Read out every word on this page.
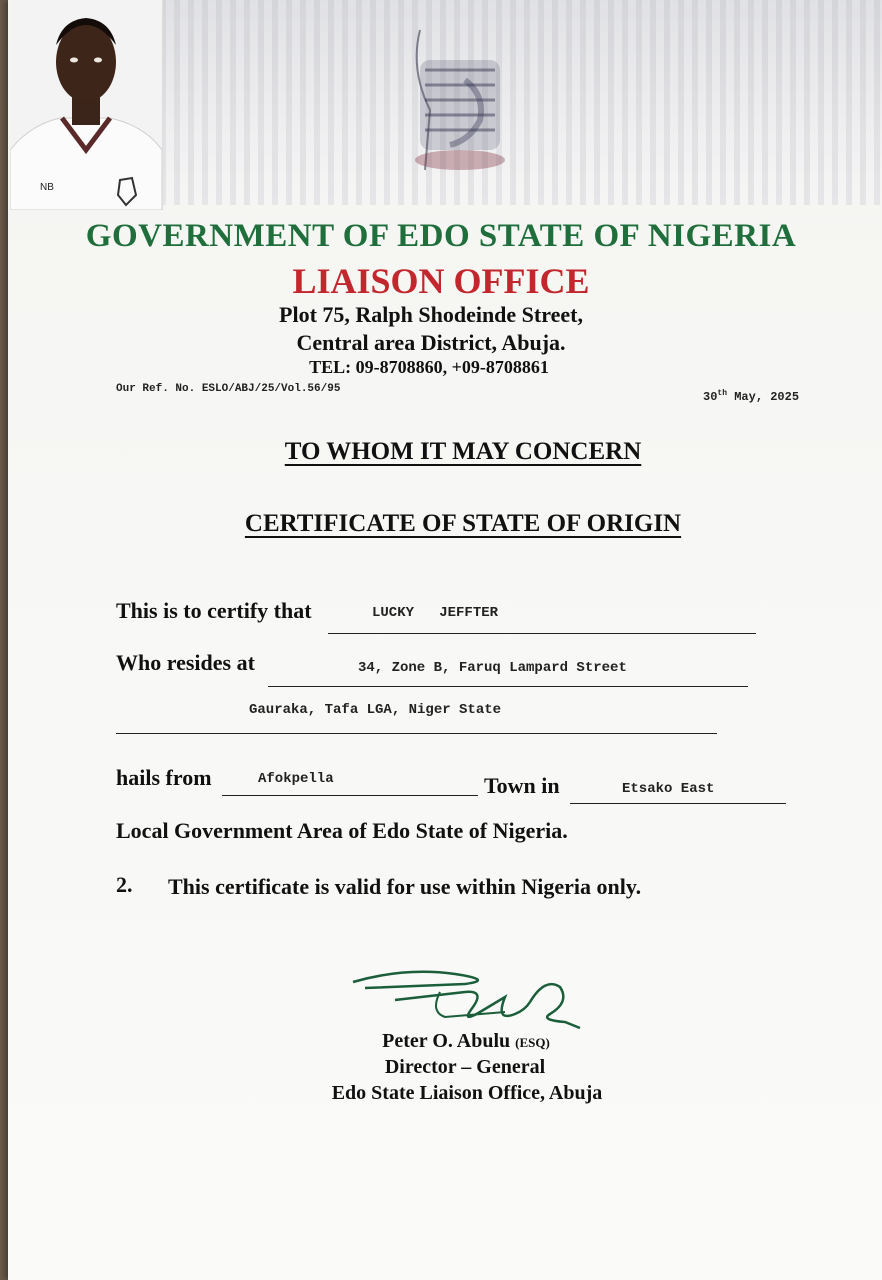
NB
GOVERNMENT OF EDO STATE OF NIGERIA
LIAISON OFFICE
Plot 75, Ralph Shodeinde Street,
Central area District, Abuja.
TEL: 09-8708860, +09-8708861
Our Ref. No. ESLO/ABJ/25/Vol.56/95
30th May, 2025
TO WHOM IT MAY CONCERN
CERTIFICATE OF STATE OF ORIGIN
This is to certify that	LUCKY   JEFFTER
Who resides at	34, Zone B, Faruq Lampard Street
Gauraka, Tafa LGA, Niger State
hails from	Afokpella	Town in	Etsako East
Local Government Area of Edo State of Nigeria.
2. This certificate is valid for use within Nigeria only.
Peter O. Abulu (ESQ)
Director – General
Edo State Liaison Office, Abuja
